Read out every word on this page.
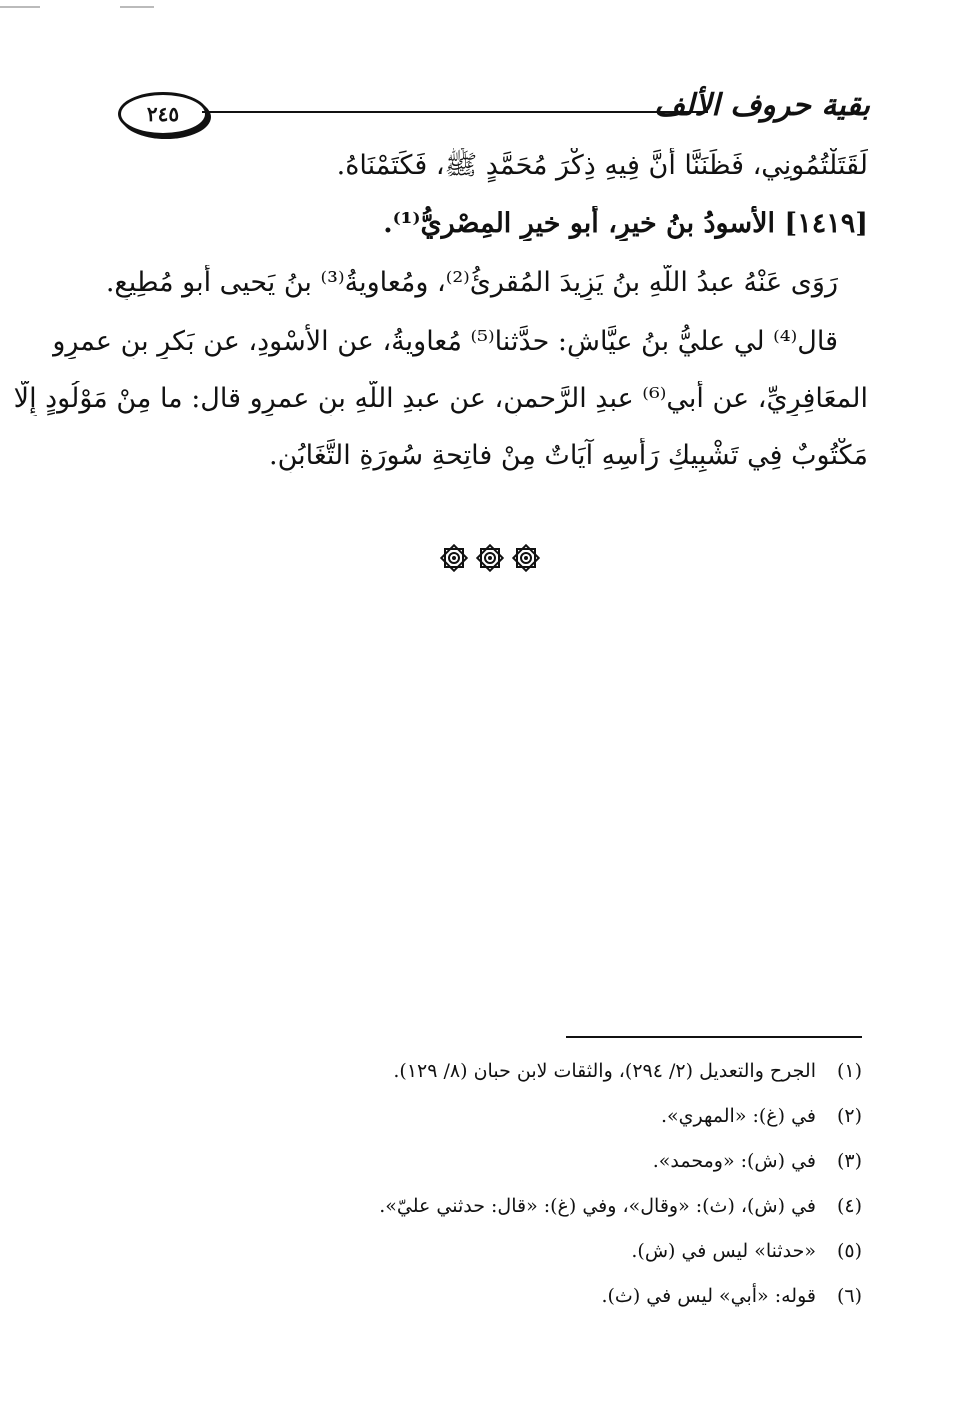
٢٤٥	بقية حروف الألف
لَقَتَلْتُمُونِي، فَظَنَنَّا أَنَّ فِيهِ ذِكْرَ مُحَمَّدٍ ﷺ، فَكَتَمْنَاهُ.
[١٤١٩] الأَسودُ بنُ خيرٍ، أبو خيرٍ المِصْريُّ⁽¹⁾.
رَوَى عَنْهُ عبدُ اللَّهِ بنُ يَزِيدَ المُقرئُ⁽²⁾، ومُعاويةُ⁽³⁾ بنُ يَحيى أبو مُطِيعٍ.
قال⁽⁴⁾ لي عليُّ بنُ عيَّاشٍ: حدَّثنا⁽⁵⁾ مُعاويةُ، عن الأَسْودِ، عن بَكرِ بنِ عمرٍو
المعَافِرِيِّ، عن أَبي⁽⁶⁾ عبدِ الرَّحمنِ، عن عبدِ اللَّهِ بنِ عمرٍو قال: ما مِنْ مَوْلُودٍ إِلَّا
مَكْتُوبٌ فِي تَشْبِيكِ رَأْسِهِ آيَاتٌ مِنْ فاتِحةِ سُورَةِ التَّغَابُنِ.
(١)
الجرح والتعديل (٢/ ٢٩٤)، والثقات لابن حبان (٨/ ١٢٩).
(٢)
في (غ): «المهري».
(٣)
في (ش): «ومحمد».
(٤)
في (ش)، (ث): «وقال»، وفي (غ): «قال: حدثني عليّ».
(٥)
«حدثنا» ليس في (ش).
(٦)
قوله: «أبي» ليس في (ث).
